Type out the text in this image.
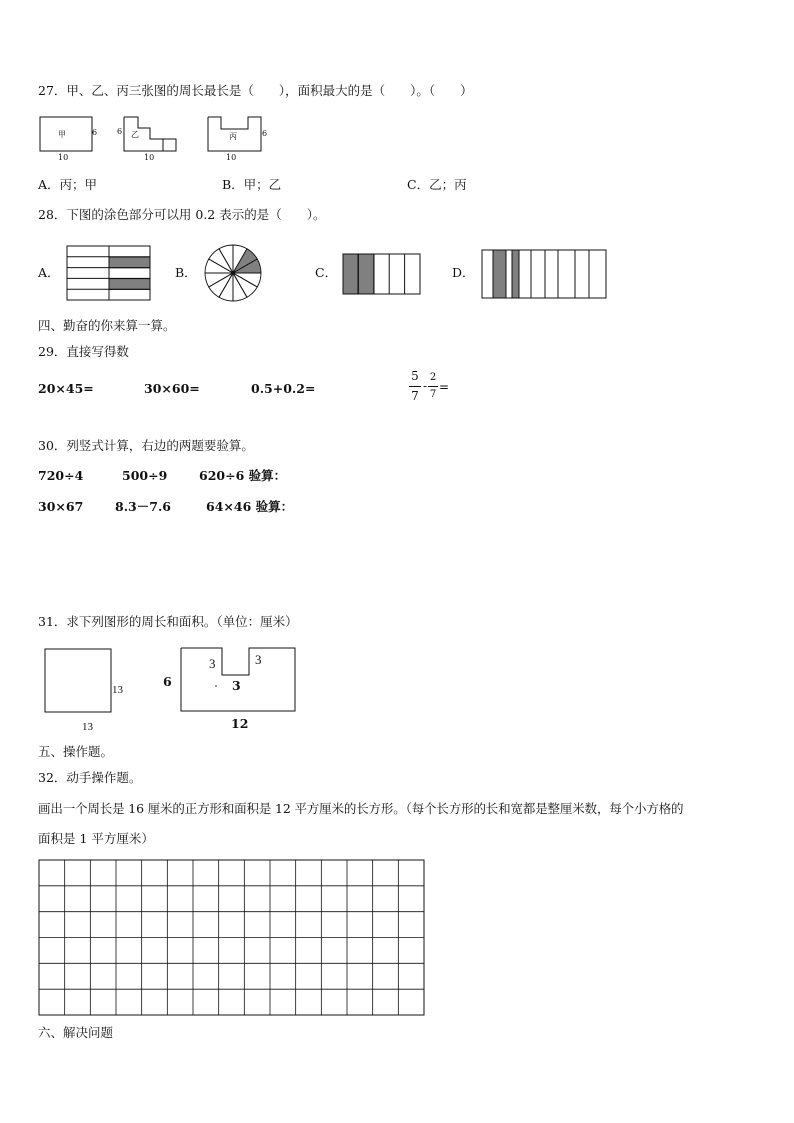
27．甲、乙、丙三张图的周长最长是（　　），面积最大的是（　　）。（　　）
甲	6
10
乙
6
10
丙	6
10
A．丙；甲	B．甲；乙	C．乙；丙
28．下图的涂色部分可以用 0.2 表示的是（　　）。
A．	B．	C．	D．
四、勤奋的你来算一算。
29．直接写得数
20×45=	30×60=	0.5+0.2=
5
7
-
2
7
=
30．列竖式计算，右边的两题要验算。
720÷4	500÷9	620÷6 验算：
30×67	8.3－7.6	64×46 验算：
31．求下列图形的周长和面积。（单位：厘米）
13
13
6
3	3
3
12
五、操作题。
32．动手操作题。
画出一个周长是 16 厘米的正方形和面积是 12 平方厘米的长方形。（每个长方形的长和宽都是整厘米数，每个小方格的
面积是 1 平方厘米）
六、解决问题
